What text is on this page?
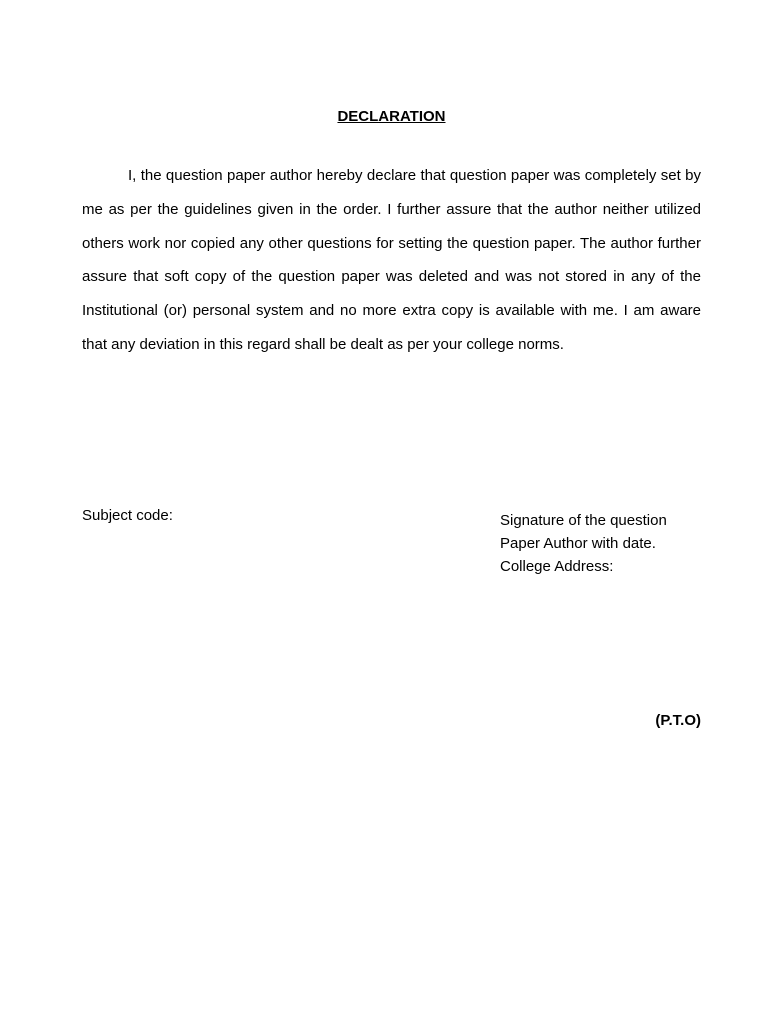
DECLARATION

I, the question paper author hereby declare that question paper was completely set by me as per the guidelines given in the order. I further assure that the author neither utilized others work nor copied any other questions for setting the question paper. The author further assure that soft copy of the question paper was deleted and was not stored in any of the Institutional (or) personal system and no more extra copy is available with me. I am aware that any deviation in this regard shall be dealt as per your college norms.

Subject code:	Signature of the question
Paper Author with date.
College Address:
(P.T.O)
